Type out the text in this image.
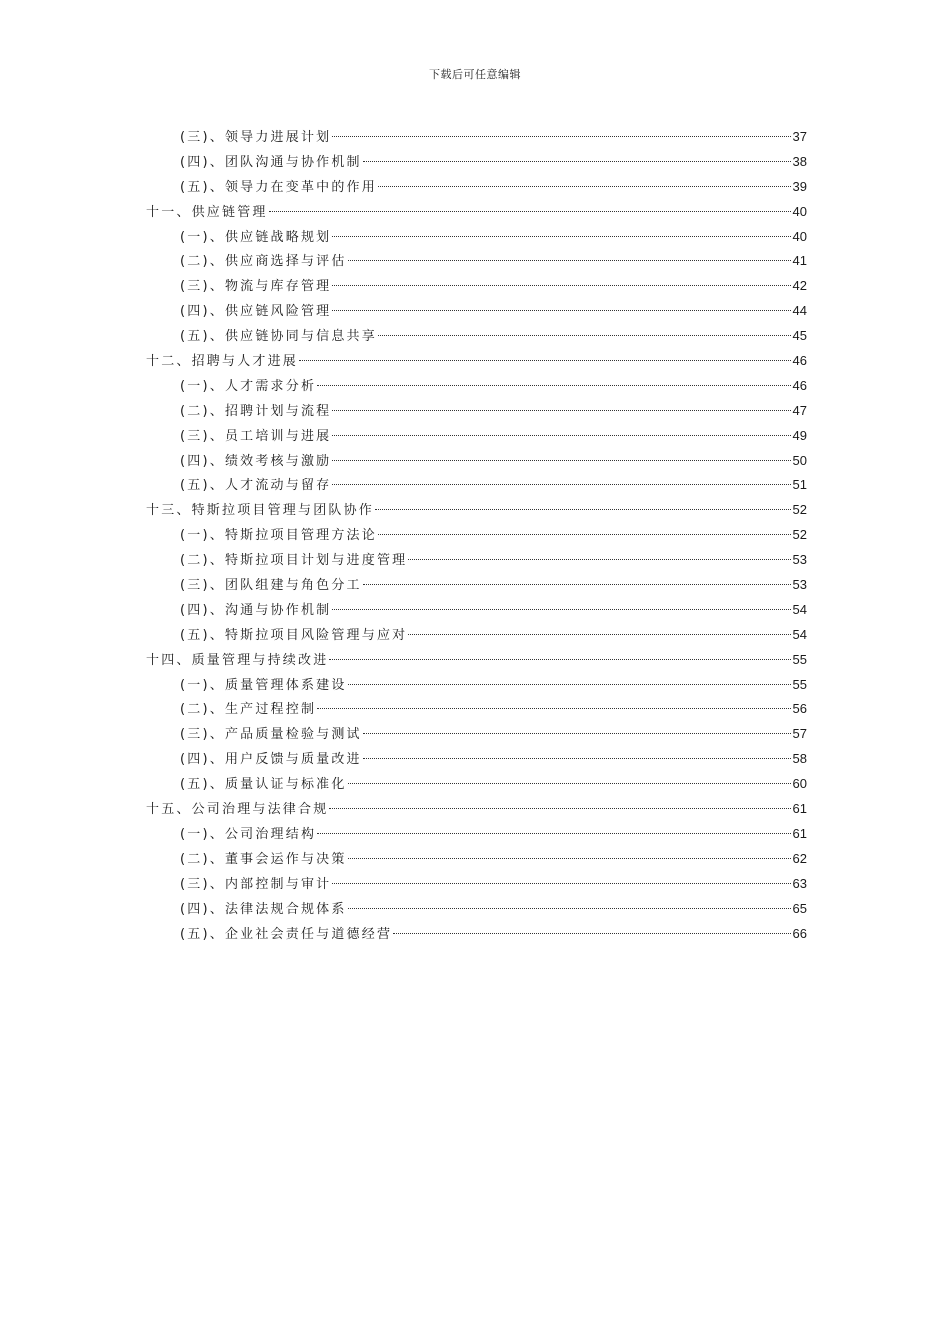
下载后可任意编辑
(三)、领导力进展计划	37
(四)、团队沟通与协作机制	38
(五)、领导力在变革中的作用	39
十一、供应链管理	40
(一)、供应链战略规划	40
(二)、供应商选择与评估	41
(三)、物流与库存管理	42
(四)、供应链风险管理	44
(五)、供应链协同与信息共享	45
十二、招聘与人才进展	46
(一)、人才需求分析	46
(二)、招聘计划与流程	47
(三)、员工培训与进展	49
(四)、绩效考核与激励	50
(五)、人才流动与留存	51
十三、特斯拉项目管理与团队协作	52
(一)、特斯拉项目管理方法论	52
(二)、特斯拉项目计划与进度管理	53
(三)、团队组建与角色分工	53
(四)、沟通与协作机制	54
(五)、特斯拉项目风险管理与应对	54
十四、质量管理与持续改进	55
(一)、质量管理体系建设	55
(二)、生产过程控制	56
(三)、产品质量检验与测试	57
(四)、用户反馈与质量改进	58
(五)、质量认证与标准化	60
十五、公司治理与法律合规	61
(一)、公司治理结构	61
(二)、董事会运作与决策	62
(三)、内部控制与审计	63
(四)、法律法规合规体系	65
(五)、企业社会责任与道德经营	66
